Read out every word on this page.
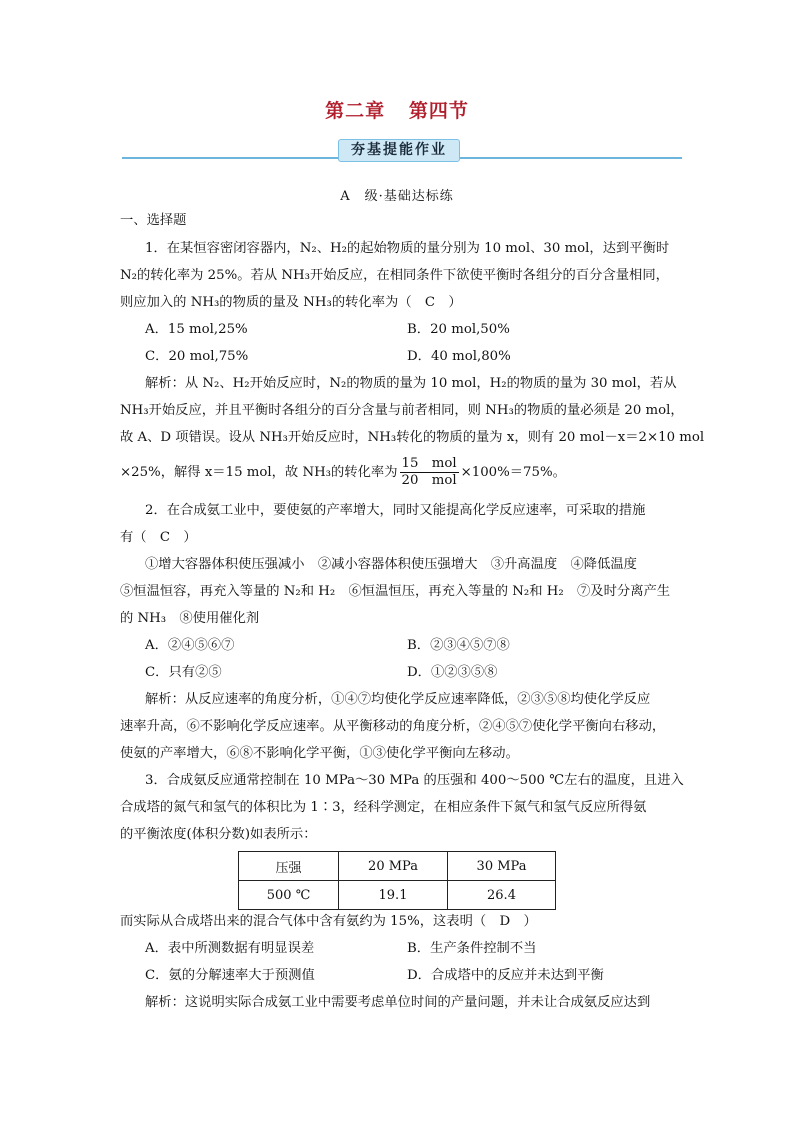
第二章 第四节
夯基提能作业
A　级·基础达标练
一、选择题
1．在某恒容密闭容器内，N₂、H₂的起始物质的量分别为 10 mol、30 mol，达到平衡时
N₂的转化率为 25%。若从 NH₃开始反应，在相同条件下欲使平衡时各组分的百分含量相同，
则应加入的 NH₃的物质的量及 NH₃的转化率为（　C　）
A．15 mol,25%	B．20 mol,50%
C．20 mol,75%	D．40 mol,80%
解析：从 N₂、H₂开始反应时，N₂的物质的量为 10 mol，H₂的物质的量为 30 mol，若从
NH₃开始反应，并且平衡时各组分的百分含量与前者相同，则 NH₃的物质的量必须是 20 mol，
故 A、D 项错误。设从 NH₃开始反应时，NH₃转化的物质的量为 x，则有 20 mol－x＝2×10 mol
×25%，解得 x＝15 mol，故 NH₃的转化率为 $\frac{\text{15　mol}}{\text{20　mol}} \times 100\%=75\%$。
2．在合成氨工业中，要使氨的产率增大，同时又能提高化学反应速率，可采取的措施
有（　C　）
①增大容器体积使压强减小　②减小容器体积使压强增大　③升高温度　④降低温度
⑤恒温恒容，再充入等量的 N₂和 H₂　⑥恒温恒压，再充入等量的 N₂和 H₂　⑦及时分离产生
的 NH₃　⑧使用催化剂
A．②④⑤⑥⑦	B．②③④⑤⑦⑧
C．只有②⑤	D．①②③⑤⑧
解析：从反应速率的角度分析，①④⑦均使化学反应速率降低，②③⑤⑧均使化学反应
速率升高，⑥不影响化学反应速率。从平衡移动的角度分析，②④⑤⑦使化学平衡向右移动，
使氨的产率增大，⑥⑧不影响化学平衡，①③使化学平衡向左移动。
3．合成氨反应通常控制在 10 MPa～30 MPa 的压强和 400～500 ℃左右的温度，且进入
合成塔的氮气和氢气的体积比为 1∶3，经科学测定，在相应条件下氮气和氢气反应所得氨
的平衡浓度(体积分数)如表所示：
压强	20 MPa	30 MPa
500 ℃	19.1	26.4
而实际从合成塔出来的混合气体中含有氨约为 15%，这表明（　D　）
A．表中所测数据有明显误差	B．生产条件控制不当
C．氨的分解速率大于预测值	D．合成塔中的反应并未达到平衡
解析：这说明实际合成氨工业中需要考虑单位时间的产量问题，并未让合成氨反应达到
